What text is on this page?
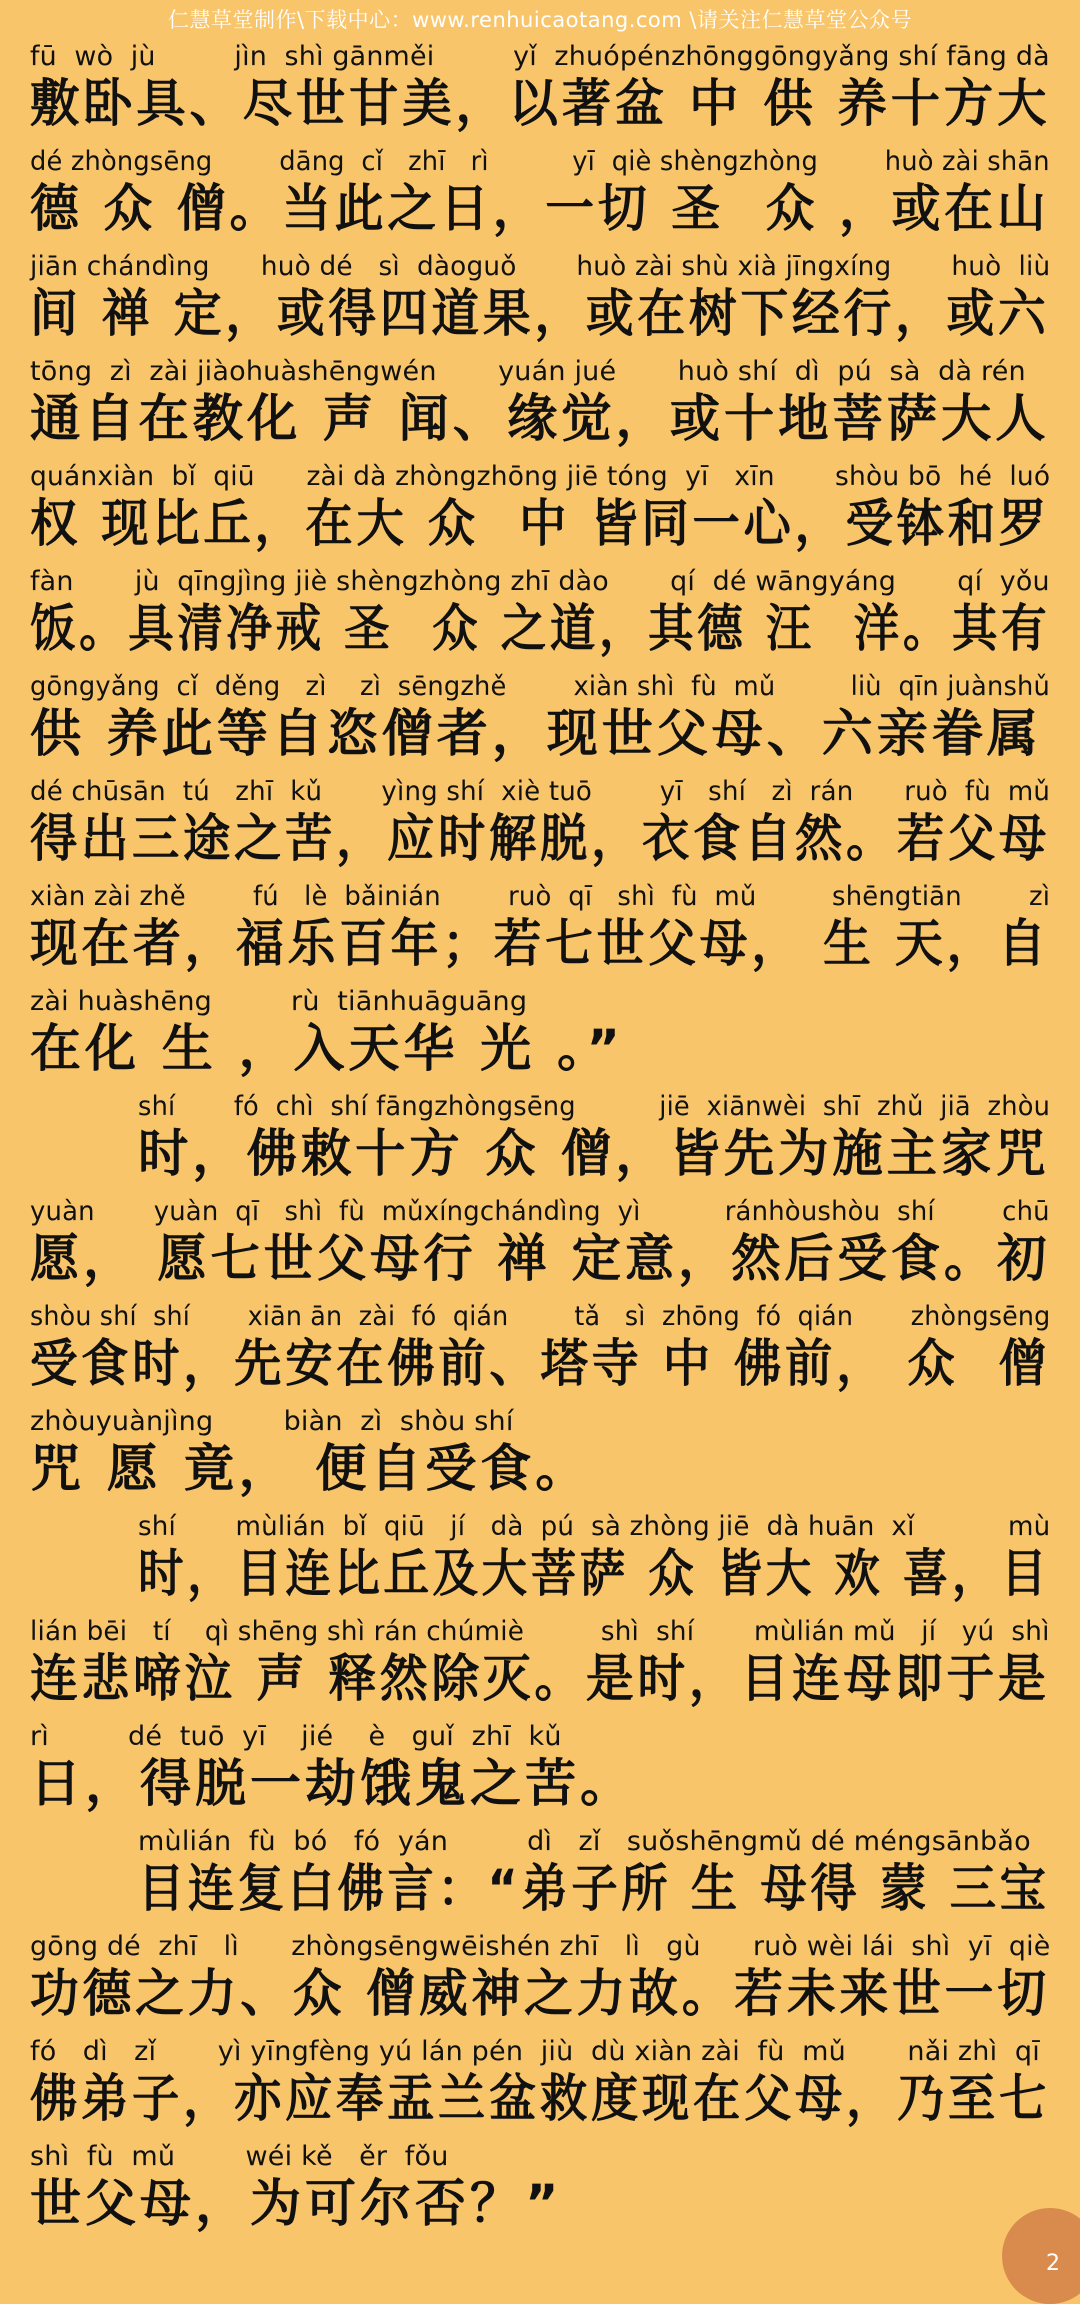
仁慧草堂制作\下载中心：www.renhuicaotang.com \请关注仁慧草堂公众号
fū  wò  jù         jìn  shì gānměi         yǐ  zhuópénzhōnggōngyǎng shí fāng dà
敷卧具、尽世甘美，以著盆 中 供 养十方大
dé zhòngsēng        dāng  cǐ   zhī   rì          yī  qiè shèngzhòng        huò zài shān
德 众 僧。当此之日，一切 圣  众 ，或在山
jiān chándìng      huò dé   sì  dàoguǒ       huò zài shù xià jīngxíng       huò  liù
间 禅 定，或得四道果，或在树下经行，或六
tōng  zì  zài jiàohuàshēngwén       yuán jué       huò shí  dì  pú  sà  dà rén
通自在教化 声 闻、缘觉，或十地菩萨大人
quánxiàn  bǐ  qiū      zài dà zhòngzhōng jiē tóng  yī   xīn       shòu bō  hé  luó
权 现比丘，在大 众  中 皆同一心，受钵和罗
fàn       jù  qīngjìng jiè shèngzhòng zhī dào       qí  dé wāngyáng       qí  yǒu
饭。具清净戒 圣  众 之道，其德 汪  洋。其有
gōngyǎng  cǐ  děng   zì    zì  sēngzhě        xiàn shì  fù  mǔ         liù  qīn juànshǔ
供 养此等自恣僧者，现世父母、六亲眷属
dé chūsān  tú   zhī  kǔ       yìng shí  xiè tuō        yī   shí   zì  rán      ruò  fù  mǔ
得出三途之苦，应时解脱，衣食自然。若父母
xiàn zài zhě        fú   lè  bǎinián        ruò  qī   shì  fù  mǔ         shēngtiān        zì
现在者，福乐百年；若七世父母， 生 天，自
zài huàshēng         rù  tiānhuāguāng
在化 生 ，入天华 光 。”
shí       fó  chì  shí fāngzhòngsēng          jiē  xiānwèi  shī  zhǔ  jiā  zhòu
时，佛敕十方 众 僧，皆先为施主家咒
yuàn       yuàn  qī   shì  fù  mǔxíngchándìng  yì          ránhòushòu  shí        chū
愿， 愿七世父母行 禅 定意，然后受食。初
shòu shí  shí       xiān ān  zài  fó  qián        tǎ   sì  zhōng  fó  qián       zhòngsēng
受食时，先安在佛前、塔寺 中 佛前， 众  僧
zhòuyuànjìng        biàn  zì  shòu shí
咒 愿 竟， 便自受食。
shí       mùlián  bǐ  qiū   jí   dà  pú  sà zhòng jiē  dà huān  xǐ           mù
时，目连比丘及大菩萨 众 皆大 欢 喜，目
lián bēi   tí    qì shēng shì rán chúmiè         shì  shí       mùlián mǔ   jí   yú  shì
连悲啼泣 声 释然除灭。是时，目连母即于是
rì         dé  tuō  yī    jié    è   guǐ  zhī  kǔ
日，得脱一劫饿鬼之苦。
mùlián  fù  bó   fó  yán         dì   zǐ   suǒshēngmǔ dé méngsānbǎo
目连复白佛言：“弟子所 生 母得 蒙 三宝
gōng dé  zhī   lì      zhòngsēngwēishén zhī   lì   gù      ruò wèi lái  shì  yī  qiè
功德之力、众 僧威神之力故。若未来世一切
fó   dì   zǐ       yì yīngfèng yú lán pén  jiù  dù xiàn zài  fù  mǔ       nǎi zhì  qī
佛弟子，亦应奉盂兰盆救度现在父母，乃至七
shì  fù  mǔ        wéi kě   ěr  fǒu
世父母，为可尔否？”
2
